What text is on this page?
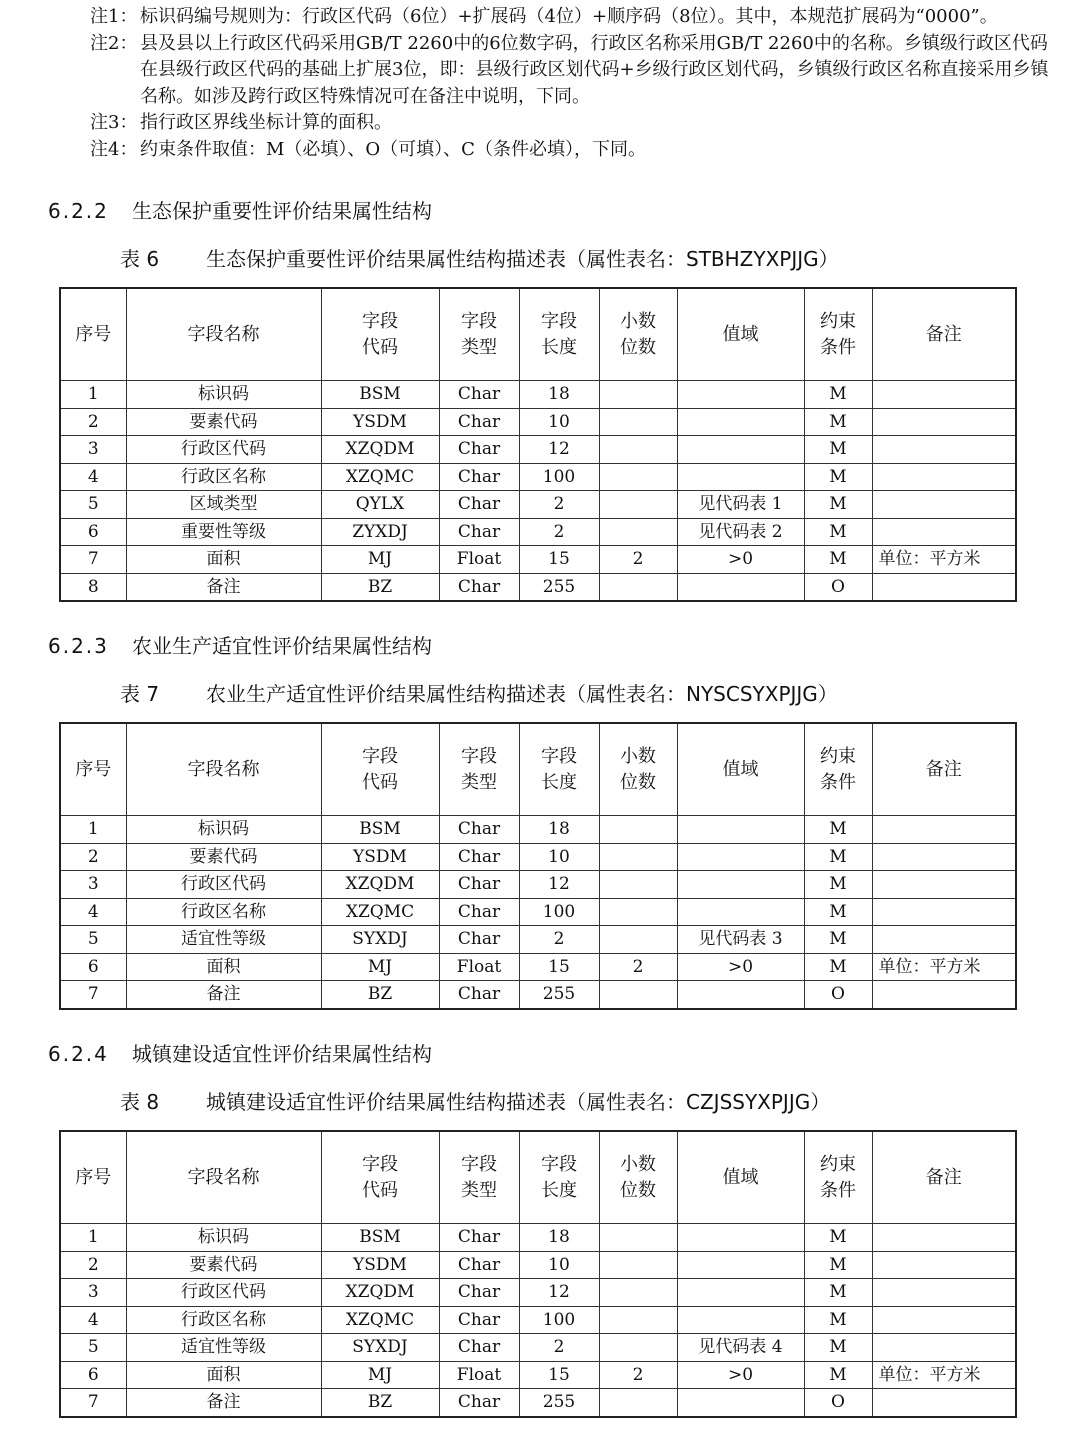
注1： 标识码编号规则为：行政区代码（6位）+扩展码（4位）+顺序码（8位）。其中，本规范扩展码为“0000”。
注2： 县及县以上行政区代码采用GB/T 2260中的6位数字码，行政区名称采用GB/T 2260中的名称。乡镇级行政区代码在县级行政区代码的基础上扩展3位，即：县级行政区划代码+乡级行政区划代码，乡镇级行政区名称直接采用乡镇名称。如涉及跨行政区特殊情况可在备注中说明，下同。
注3： 指行政区界线坐标计算的面积。
注4： 约束条件取值：M（必填）、O（可填）、C（条件必填），下同。
6.2.2 生态保护重要性评价结果属性结构
表 6 生态保护重要性评价结果属性结构描述表（属性表名：STBHZYXPJJG）
序号	字段名称	字段代码	字段类型	字段长度	小数位数	值域	约束条件	备注
1	标识码	BSM	Char	18			M	
2	要素代码	YSDM	Char	10			M	
3	行政区代码	XZQDM	Char	12			M	
4	行政区名称	XZQMC	Char	100			M	
5	区域类型	QYLX	Char	2		见代码表 1	M	
6	重要性等级	ZYXDJ	Char	2		见代码表 2	M	
7	面积	MJ	Float	15	2	>0	M	单位：平方米
8	备注	BZ	Char	255			O	
6.2.3 农业生产适宜性评价结果属性结构
表 7 农业生产适宜性评价结果属性结构描述表（属性表名：NYSCSYXPJJG）
序号	字段名称	字段代码	字段类型	字段长度	小数位数	值域	约束条件	备注
1	标识码	BSM	Char	18			M	
2	要素代码	YSDM	Char	10			M	
3	行政区代码	XZQDM	Char	12			M	
4	行政区名称	XZQMC	Char	100			M	
5	适宜性等级	SYXDJ	Char	2		见代码表 3	M	
6	面积	MJ	Float	15	2	>0	M	单位：平方米
7	备注	BZ	Char	255			O	
6.2.4 城镇建设适宜性评价结果属性结构
表 8 城镇建设适宜性评价结果属性结构描述表（属性表名：CZJSSYXPJJG）
序号	字段名称	字段代码	字段类型	字段长度	小数位数	值域	约束条件	备注
1	标识码	BSM	Char	18			M	
2	要素代码	YSDM	Char	10			M	
3	行政区代码	XZQDM	Char	12			M	
4	行政区名称	XZQMC	Char	100			M	
5	适宜性等级	SYXDJ	Char	2		见代码表 4	M	
6	面积	MJ	Float	15	2	>0	M	单位：平方米
7	备注	BZ	Char	255			O	
